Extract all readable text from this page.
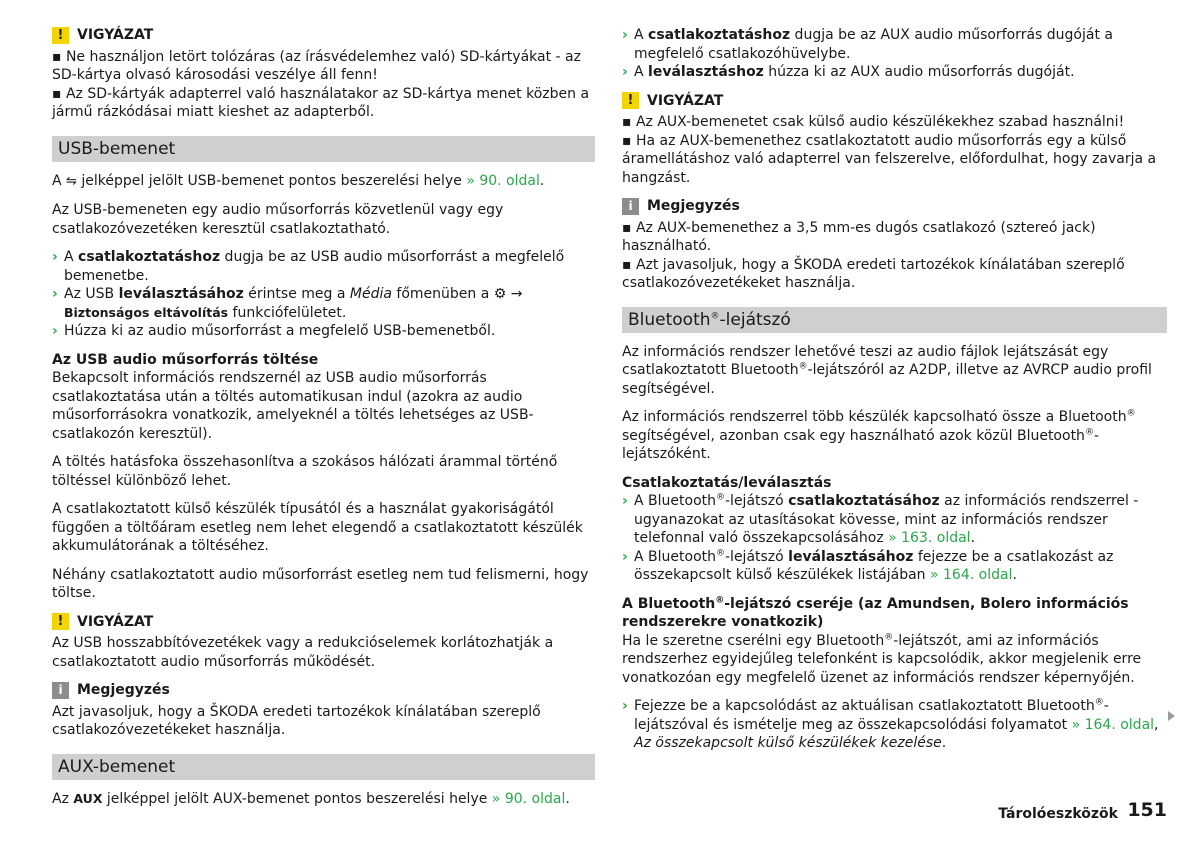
! VIGYÁZAT

▪ Ne használjon letört tolózáras (az írásvédelemhez való) SD-kártyákat - az SD-kártya olvasó károsodási veszélye áll fenn!

▪ Az SD-kártyák adapterrel való használatakor az SD-kártya menet közben a jármű rázkódásai miatt kieshet az adapterből.

USB-bemenet

A ⇋ jelképpel jelölt USB-bemenet pontos beszerelési helye » 90. oldal.

Az USB-bemeneten egy audio műsorforrás közvetlenül vagy egy csatlakozóvezetéken keresztül csatlakoztatható.

› A csatlakoztatáshoz dugja be az USB audio műsorforrást a megfelelő bemenetbe.
› Az USB leválasztásához érintse meg a Média főmenüben a ⚙ → Biztonságos eltávolítás funkciófelületet.
› Húzza ki az audio műsorforrást a megfelelő USB-bemenetből.

Az USB audio műsorforrás töltése

Bekapcsolt információs rendszernél az USB audio műsorforrás csatlakoztatása után a töltés automatikusan indul (azokra az audio műsorforrásokra vonatkozik, amelyeknél a töltés lehetséges az USB-csatlakozón keresztül).

A töltés hatásfoka összehasonlítva a szokásos hálózati árammal történő töltéssel különböző lehet.

A csatlakoztatott külső készülék típusától és a használat gyakoriságától függően a töltőáram esetleg nem lehet elegendő a csatlakoztatott készülék akkumulátorának a töltéséhez.

Néhány csatlakoztatott audio műsorforrást esetleg nem tud felismerni, hogy töltse.

! VIGYÁZAT

Az USB hosszabbítóvezetékek vagy a redukcióselemek korlátozhatják a csatlakoztatott audio műsorforrás működését.

i	Megjegyzés

Azt javasoljuk, hogy a ŠKODA eredeti tartozékok kínálatában szereplő csatlakozóvezetékeket használja.

AUX-bemenet

Az AUX jelképpel jelölt AUX-bemenet pontos beszerelési helye » 90. oldal.

› A csatlakoztatáshoz dugja be az AUX audio műsorforrás dugóját a megfelelő csatlakozóhüvelybe.
› A leválasztáshoz húzza ki az AUX audio műsorforrás dugóját.
! VIGYÁZAT

▪ Az AUX-bemenetet csak külső audio készülékekhez szabad használni!

▪ Ha az AUX-bemenethez csatlakoztatott audio műsorforrás egy a külső áramellátáshoz való adapterrel van felszerelve, előfordulhat, hogy zavarja a hangzást.

i	Megjegyzés

▪ Az AUX-bemenethez a 3,5 mm-es dugós csatlakozó (sztereó jack) használható.

▪ Azt javasoljuk, hogy a ŠKODA eredeti tartozékok kínálatában szereplő csatlakozóvezetékeket használja.

Bluetooth®-lejátszó

Az információs rendszer lehetővé teszi az audio fájlok lejátszását egy csatlakoztatott Bluetooth®-lejátszóról az A2DP, illetve az AVRCP audio profil segítségével.

Az információs rendszerrel több készülék kapcsolható össze a Bluetooth® segítségével, azonban csak egy használható azok közül Bluetooth®-lejátszóként.

Csatlakoztatás/leválasztás

› A Bluetooth®-lejátszó csatlakoztatásához az információs rendszerrel - ugyanazokat az utasításokat kövesse, mint az információs rendszer telefonnal való összekapcsolásához » 163. oldal.
› A Bluetooth®-lejátszó leválasztásához fejezze be a csatlakozást az összekapcsolt külső készülékek listájában » 164. oldal.

A Bluetooth®-lejátszó cseréje (az Amundsen, Bolero információs rendszerekre vonatkozik)

Ha le szeretne cserélni egy Bluetooth®-lejátszót, ami az információs rendszerhez egyidejűleg telefonként is kapcsolódik, akkor megjelenik erre vonatkozóan egy megfelelő üzenet az információs rendszer képernyőjén.

› Fejezze be a kapcsolódást az aktuálisan csatlakoztatott Bluetooth®-lejátszóval és ismételje meg az összekapcsolódási folyamatot » 164. oldal, Az összekapcsolt külső készülékek kezelése.
Tárolóeszközök 151
